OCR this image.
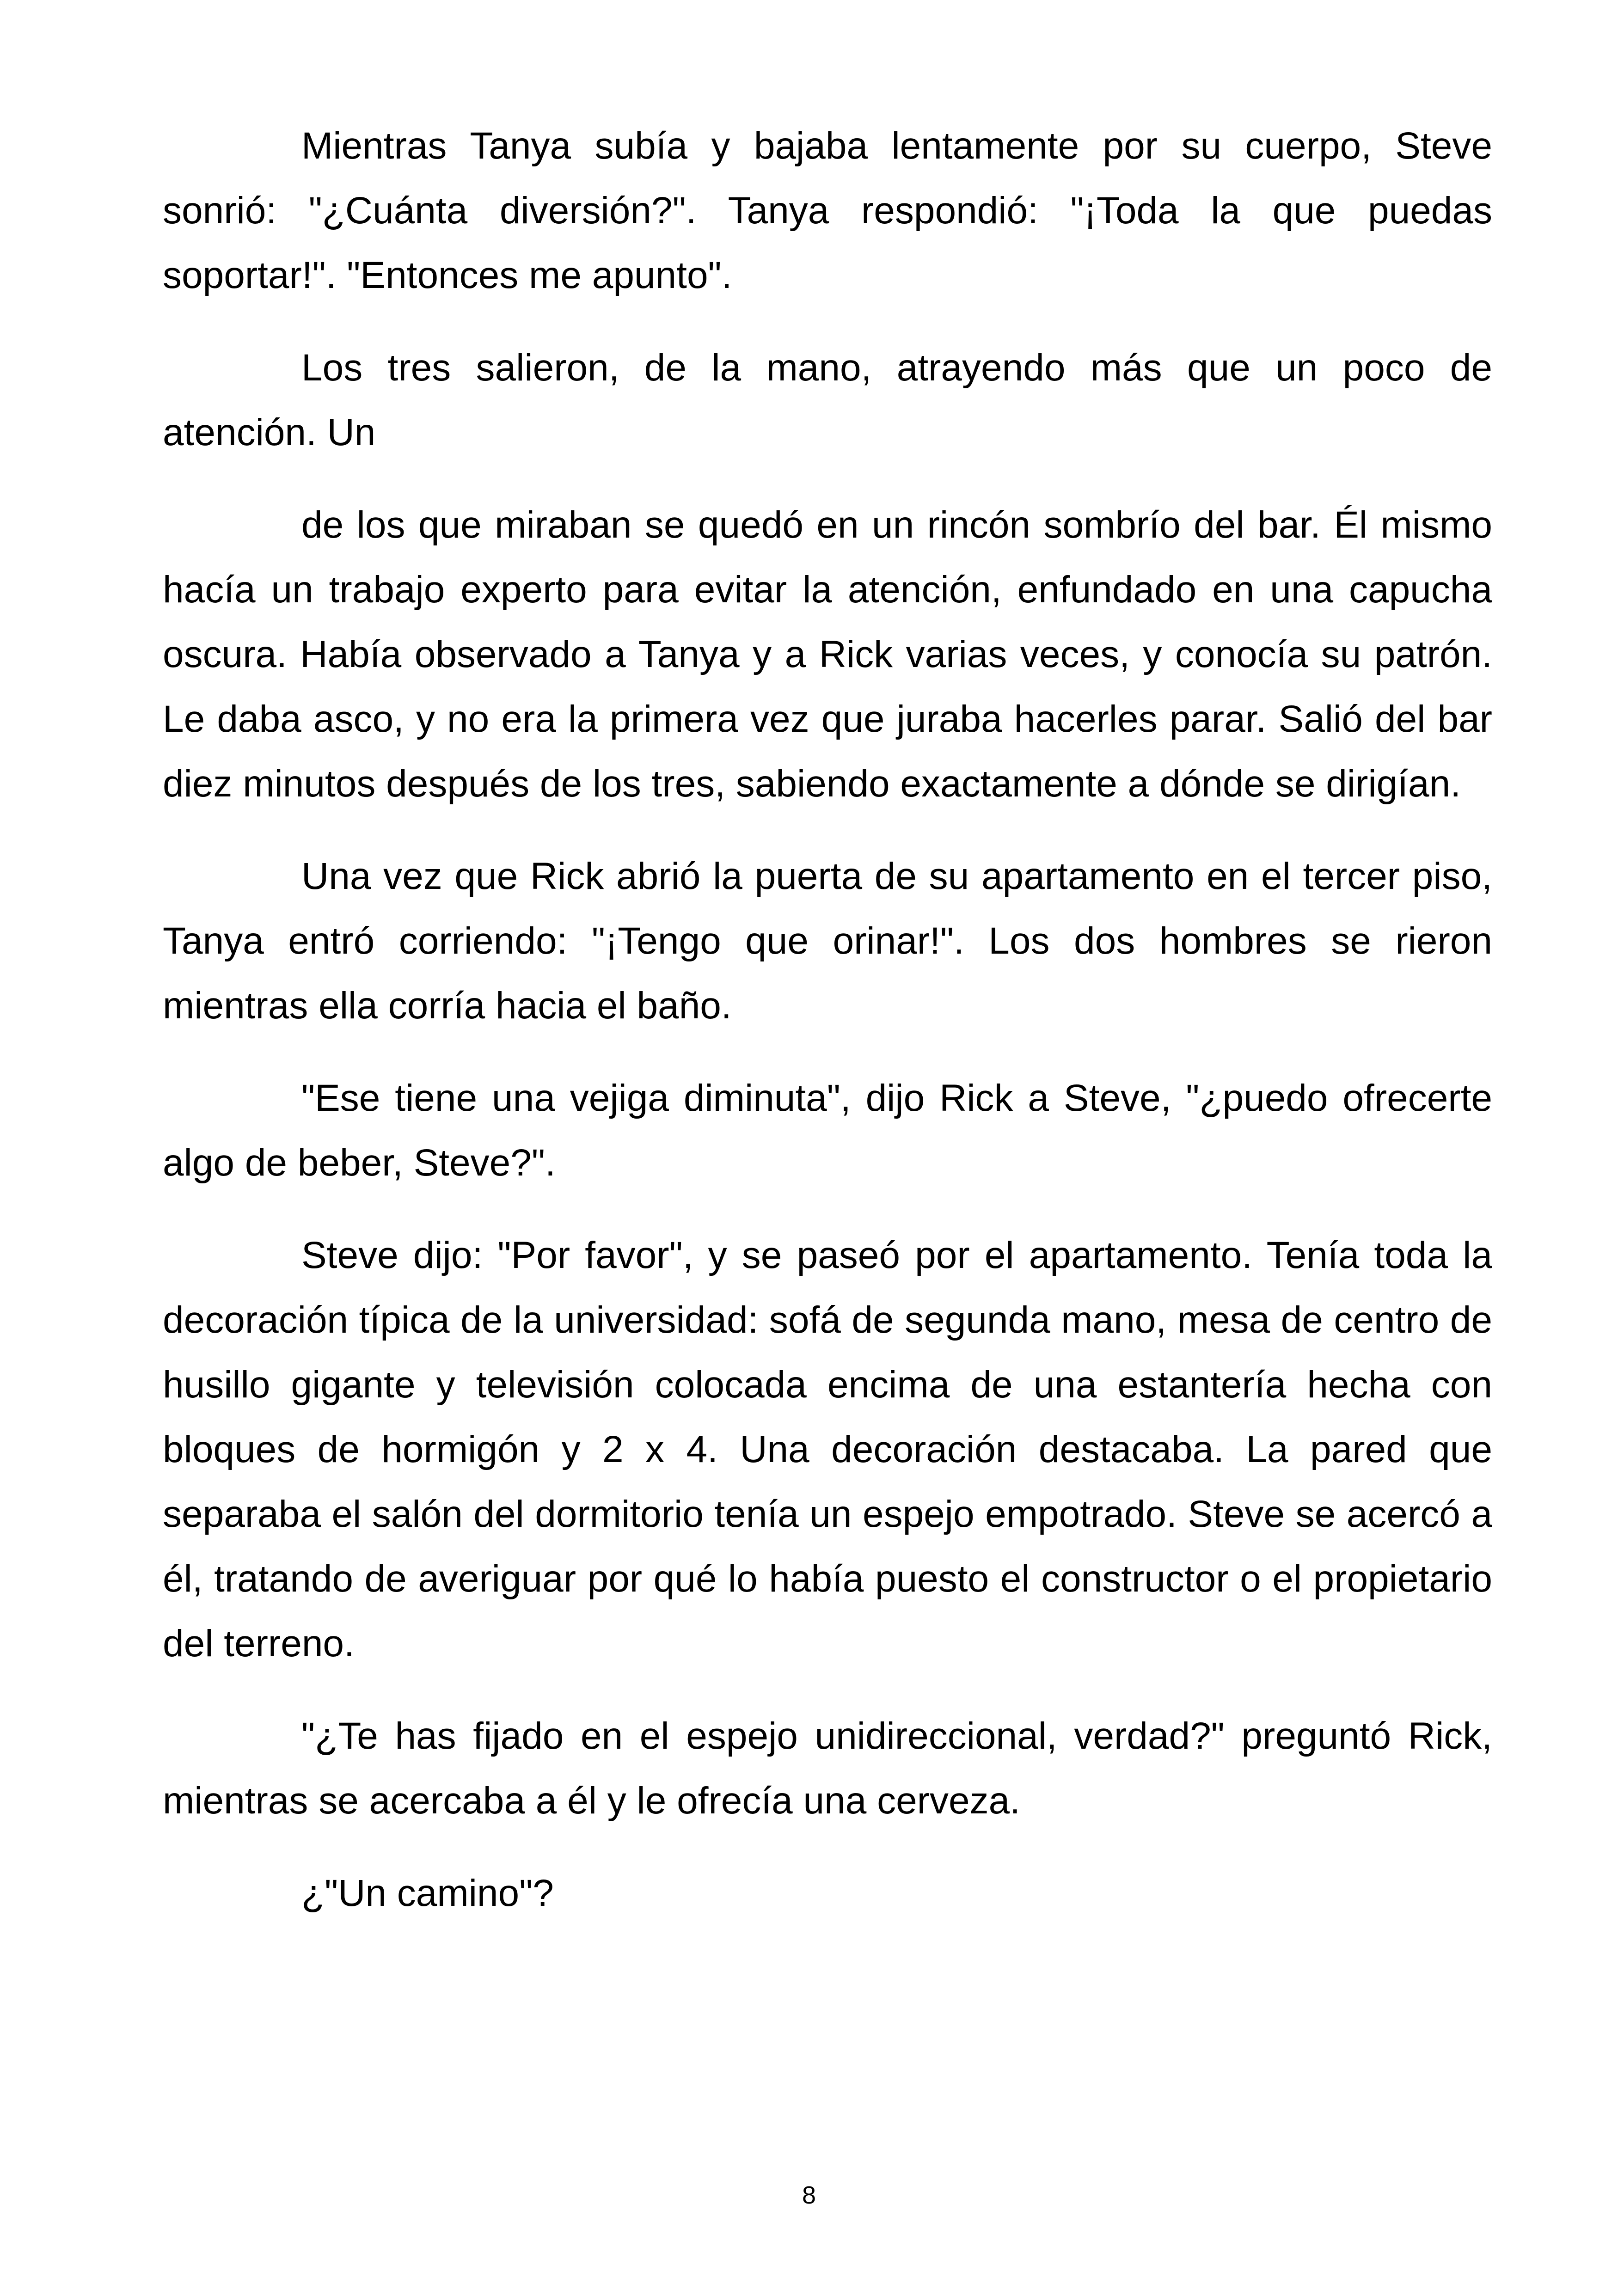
Mientras Tanya subía y bajaba lentamente por su cuerpo, Steve sonrió: "¿Cuánta diversión?". Tanya respondió: "¡Toda la que puedas soportar!". "Entonces me apunto".

Los tres salieron, de la mano, atrayendo más que un poco de atención. Un

de los que miraban se quedó en un rincón sombrío del bar. Él mismo hacía un trabajo experto para evitar la atención, enfundado en una capucha oscura. Había observado a Tanya y a Rick varias veces, y conocía su patrón. Le daba asco, y no era la primera vez que juraba hacerles parar. Salió del bar diez minutos después de los tres, sabiendo exactamente a dónde se dirigían.

Una vez que Rick abrió la puerta de su apartamento en el tercer piso, Tanya entró corriendo: "¡Tengo que orinar!". Los dos hombres se rieron mientras ella corría hacia el baño.

"Ese tiene una vejiga diminuta", dijo Rick a Steve, "¿puedo ofrecerte algo de beber, Steve?".

Steve dijo: "Por favor", y se paseó por el apartamento. Tenía toda la decoración típica de la universidad: sofá de segunda mano, mesa de centro de husillo gigante y televisión colocada encima de una estantería hecha con bloques de hormigón y 2 x 4. Una decoración destacaba. La pared que separaba el salón del dormitorio tenía un espejo empotrado. Steve se acercó a él, tratando de averiguar por qué lo había puesto el constructor o el propietario del terreno.

"¿Te has fijado en el espejo unidireccional, verdad?" preguntó Rick, mientras se acercaba a él y le ofrecía una cerveza.

¿"Un camino"?

8
